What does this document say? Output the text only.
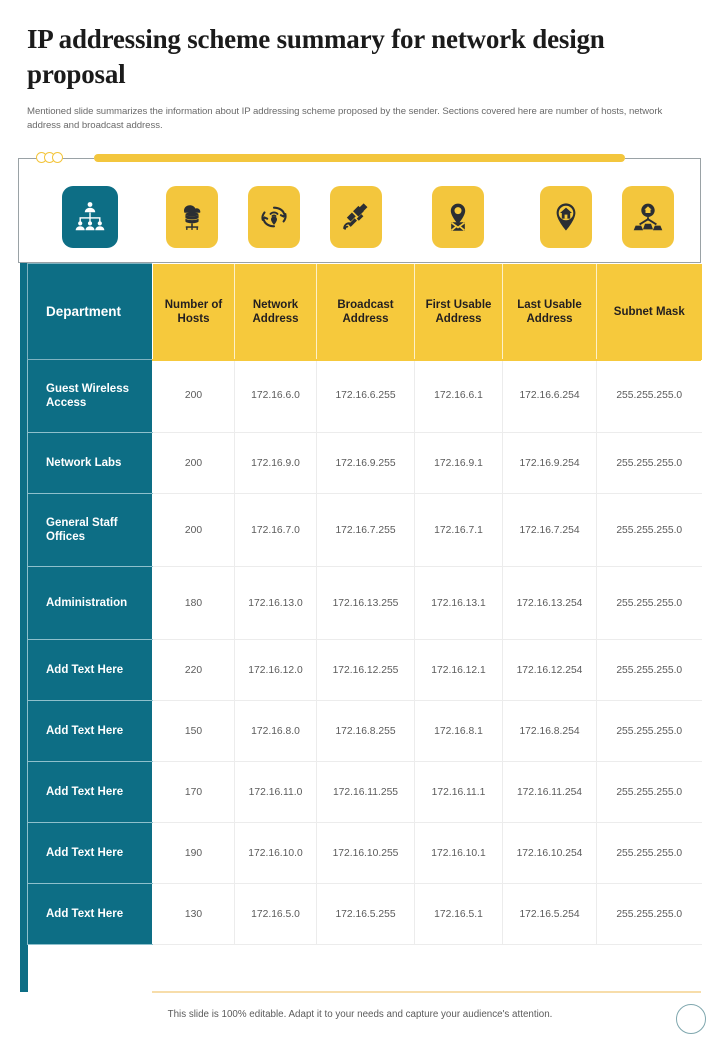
IP addressing scheme summary for network design proposal
Mentioned slide summarizes the information about IP addressing scheme proposed by the sender. Sections covered here are number of hosts, network address and broadcast address.
Department	Number of Hosts	Network Address	Broadcast Address	First Usable Address	Last Usable Address	Subnet Mask
Guest Wireless Access	200	172.16.6.0	172.16.6.255	172.16.6.1	172.16.6.254	255.255.255.0
Network Labs	200	172.16.9.0	172.16.9.255	172.16.9.1	172.16.9.254	255.255.255.0
General Staff Offices	200	172.16.7.0	172.16.7.255	172.16.7.1	172.16.7.254	255.255.255.0
Administration	180	172.16.13.0	172.16.13.255	172.16.13.1	172.16.13.254	255.255.255.0
Add Text Here	220	172.16.12.0	172.16.12.255	172.16.12.1	172.16.12.254	255.255.255.0
Add Text Here	150	172.16.8.0	172.16.8.255	172.16.8.1	172.16.8.254	255.255.255.0
Add Text Here	170	172.16.11.0	172.16.11.255	172.16.11.1	172.16.11.254	255.255.255.0
Add Text Here	190	172.16.10.0	172.16.10.255	172.16.10.1	172.16.10.254	255.255.255.0
Add Text Here	130	172.16.5.0	172.16.5.255	172.16.5.1	172.16.5.254	255.255.255.0
This slide is 100% editable. Adapt it to your needs and capture your audience's attention.
